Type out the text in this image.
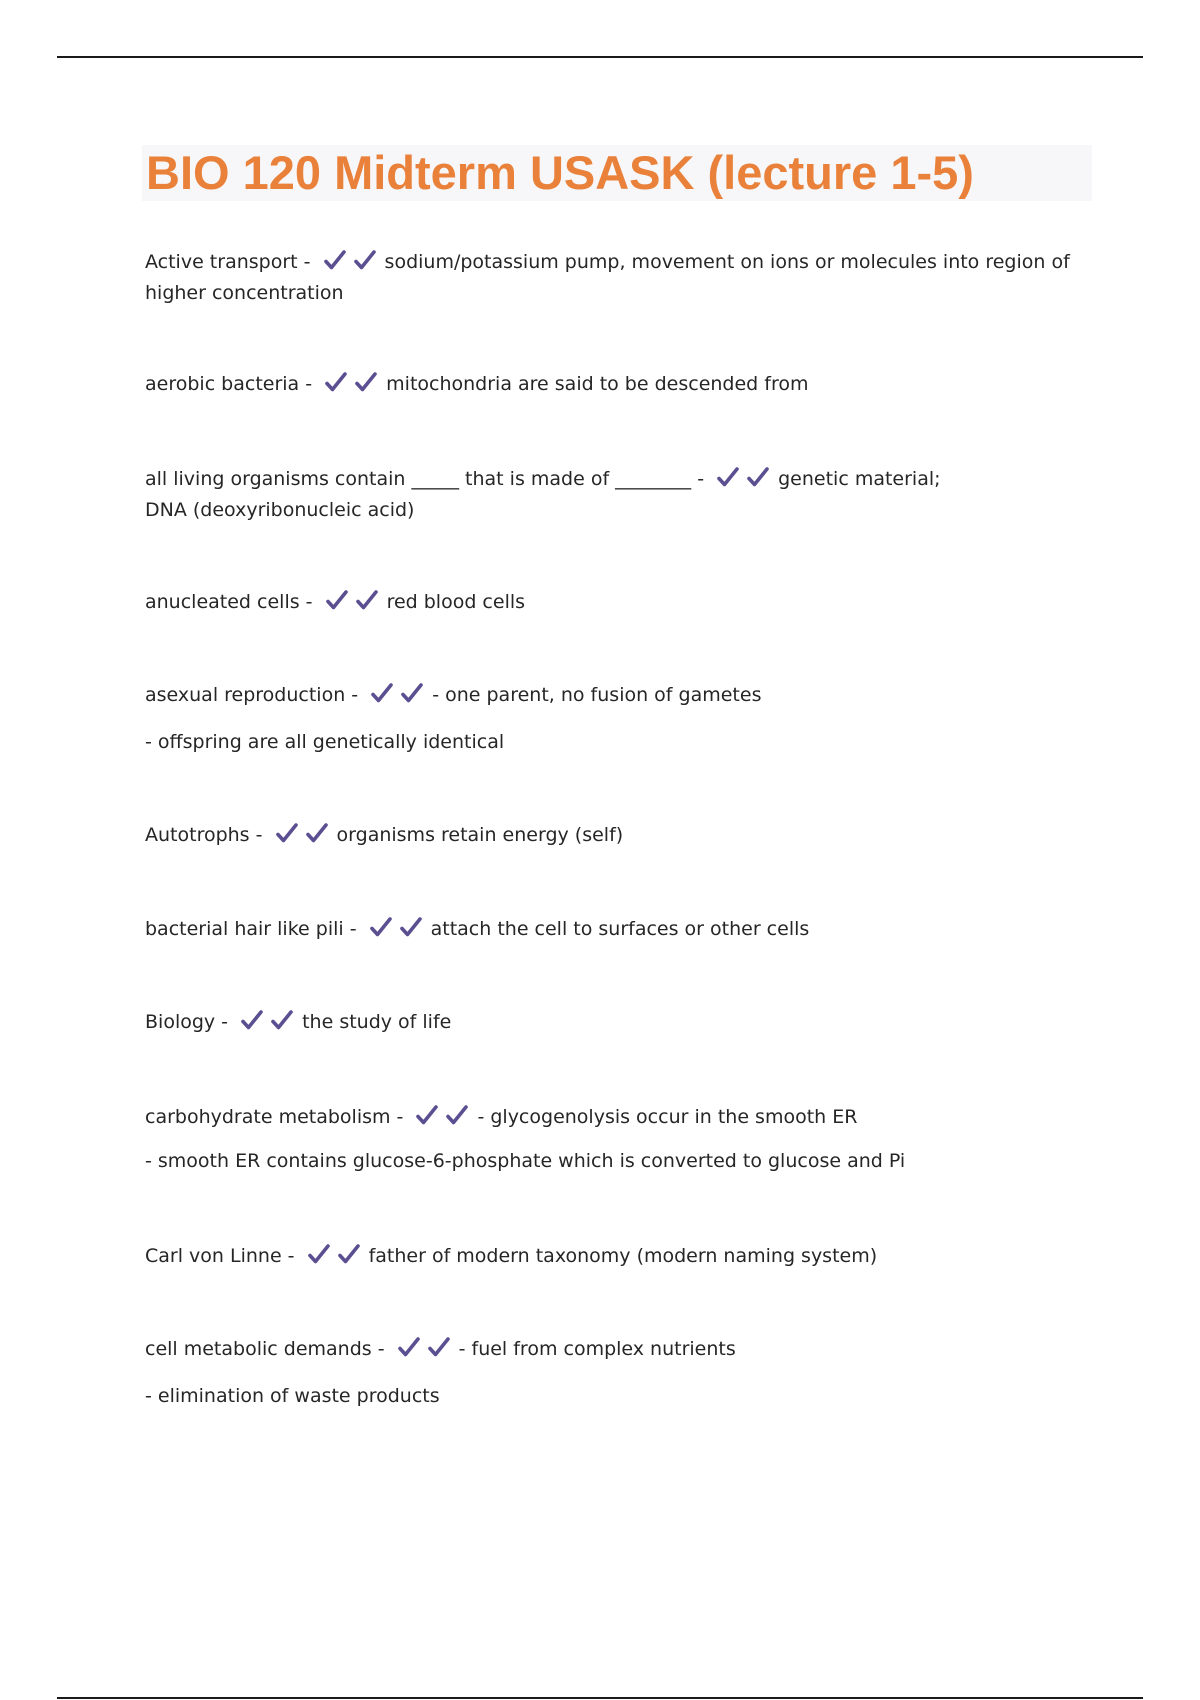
BIO 120 Midterm USASK (lecture 1-5)
Active transport -	sodium/potassium pump, movement on ions or molecules into region of higher concentration
aerobic bacteria -	mitochondria are said to be descended from
all living organisms contain _____ that is made of ________ -	genetic material; DNA (deoxyribonucleic acid)
anucleated cells -	red blood cells
asexual reproduction -	- one parent, no fusion of gametes
- offspring are all genetically identical
Autotrophs -	organisms retain energy (self)
bacterial hair like pili -	attach the cell to surfaces or other cells
Biology -	the study of life
carbohydrate metabolism -	- glycogenolysis occur in the smooth ER
- smooth ER contains glucose-6-phosphate which is converted to glucose and Pi
Carl von Linne -	father of modern taxonomy (modern naming system)
cell metabolic demands -	- fuel from complex nutrients
- elimination of waste products
